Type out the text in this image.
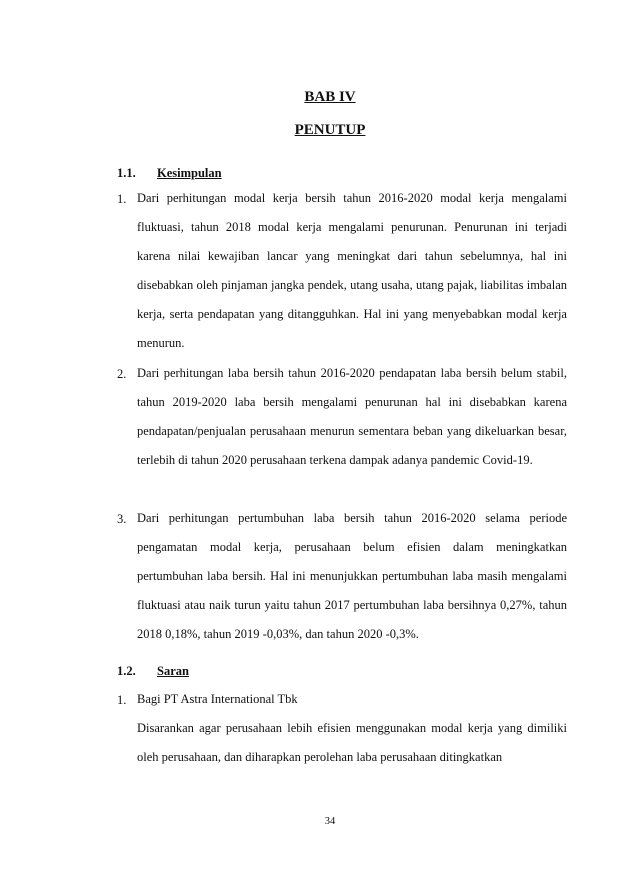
BAB IV
PENUTUP
1.1. Kesimpulan
1. Dari perhitungan modal kerja bersih tahun 2016-2020 modal kerja mengalami fluktuasi, tahun 2018 modal kerja mengalami penurunan. Penurunan ini terjadi karena nilai kewajiban lancar yang meningkat dari tahun sebelumnya, hal ini disebabkan oleh pinjaman jangka pendek, utang usaha, utang pajak, liabilitas imbalan kerja, serta pendapatan yang ditangguhkan. Hal ini yang menyebabkan modal kerja menurun.
2. Dari perhitungan laba bersih tahun 2016-2020 pendapatan laba bersih belum stabil, tahun 2019-2020 laba bersih mengalami penurunan hal ini disebabkan karena pendapatan/penjualan perusahaan menurun sementara beban yang dikeluarkan besar, terlebih di tahun 2020 perusahaan terkena dampak adanya pandemic Covid-19.
3. Dari perhitungan pertumbuhan laba bersih tahun 2016-2020 selama periode pengamatan modal kerja, perusahaan belum efisien dalam meningkatkan pertumbuhan laba bersih. Hal ini menunjukkan pertumbuhan laba masih mengalami fluktuasi atau naik turun yaitu tahun 2017 pertumbuhan laba bersihnya 0,27%, tahun 2018 0,18%, tahun 2019 -0,03%, dan tahun 2020 -0,3%.
1.2. Saran
1. Bagi PT Astra International Tbk
Disarankan agar perusahaan lebih efisien menggunakan modal kerja yang dimiliki oleh perusahaan, dan diharapkan perolehan laba perusahaan ditingkatkan
34
